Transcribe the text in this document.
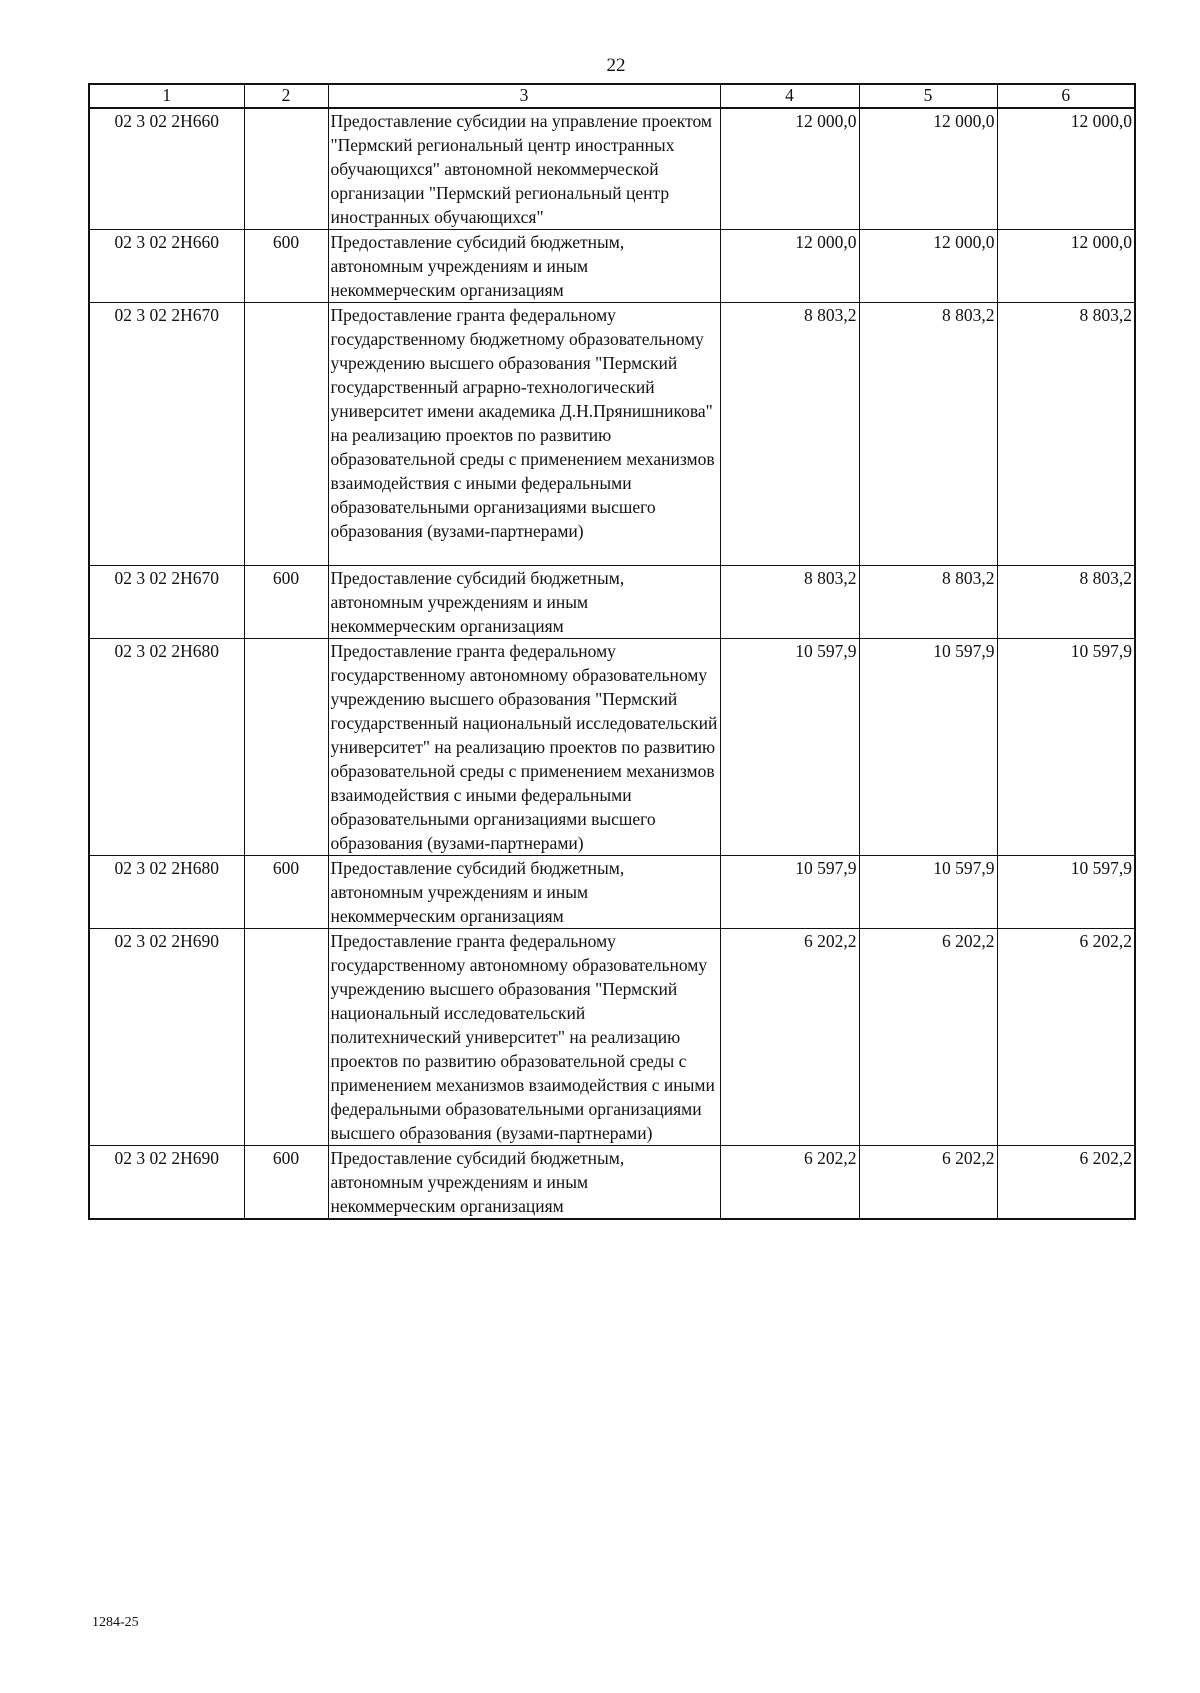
22
1	2	3	4	5	6
02 3 02 2Н660		Предоставление субсидии на управление проектом "Пермский региональный центр иностранных обучающихся" автономной некоммерческой организации "Пермский региональный центр иностранных обучающихся"	12 000,0	12 000,0	12 000,0
02 3 02 2Н660	600	Предоставление субсидий бюджетным, автономным учреждениям и иным некоммерческим организациям	12 000,0	12 000,0	12 000,0
02 3 02 2Н670		Предоставление гранта федеральному государственному бюджетному образовательному учреждению высшего образования "Пермский государственный аграрно-технологический университет имени академика Д.Н.Прянишникова" на реализацию проектов по развитию образовательной среды с применением механизмов взаимодействия с иными федеральными образовательными организациями высшего образования (вузами-партнерами)	8 803,2	8 803,2	8 803,2
02 3 02 2Н670	600	Предоставление субсидий бюджетным, автономным учреждениям и иным некоммерческим организациям	8 803,2	8 803,2	8 803,2
02 3 02 2Н680		Предоставление гранта федеральному государственному автономному образовательному учреждению высшего образования "Пермский государственный национальный исследовательский университет" на реализацию проектов по развитию образовательной среды с применением механизмов взаимодействия с иными федеральными образовательными организациями высшего образования (вузами-партнерами)	10 597,9	10 597,9	10 597,9
02 3 02 2Н680	600	Предоставление субсидий бюджетным, автономным учреждениям и иным некоммерческим организациям	10 597,9	10 597,9	10 597,9
02 3 02 2Н690		Предоставление гранта федеральному государственному автономному образовательному учреждению высшего образования "Пермский национальный исследовательский политехнический университет" на реализацию проектов по развитию образовательной среды с применением механизмов взаимодействия с иными федеральными образовательными организациями высшего образования (вузами-партнерами)	6 202,2	6 202,2	6 202,2
02 3 02 2Н690	600	Предоставление субсидий бюджетным, автономным учреждениям и иным некоммерческим организациям	6 202,2	6 202,2	6 202,2
1284-25
